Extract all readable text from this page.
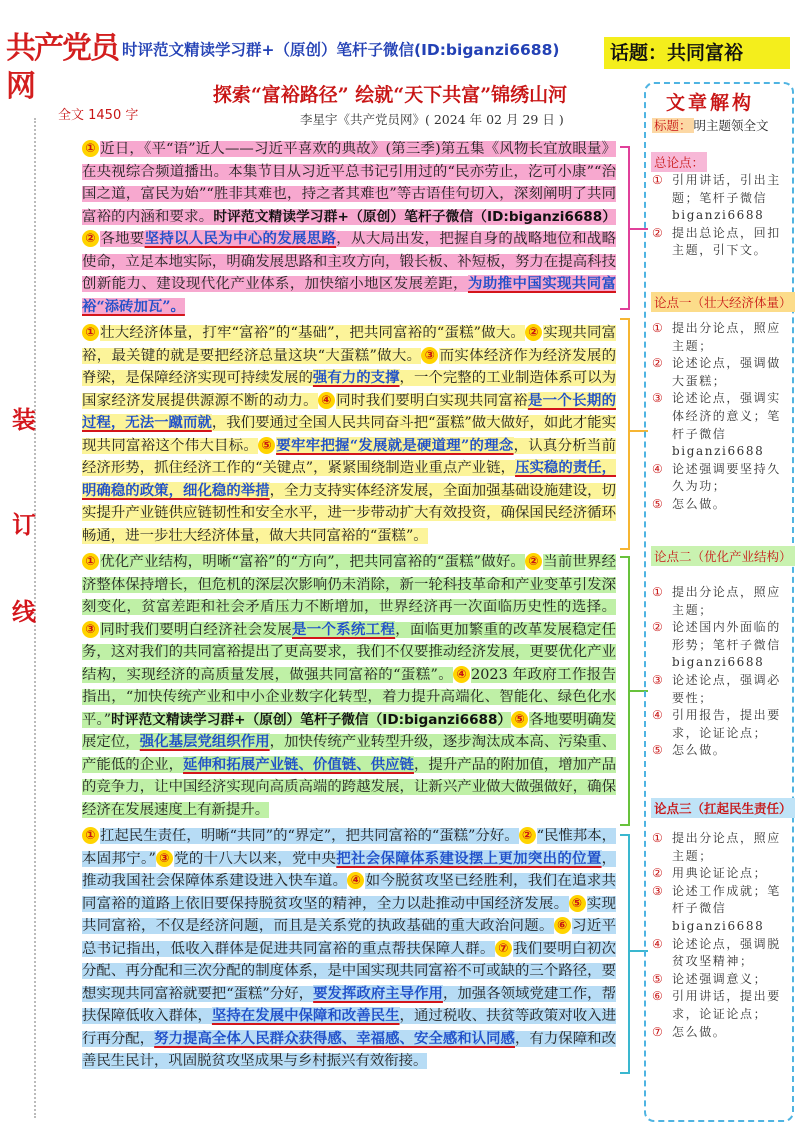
共产党员网
时评范文精读学习群+（原创）笔杆子微信(ID:biganzi6688)	话题：共同富裕
探索“富裕路径” 绘就“天下共富”锦绣山河
全文 1450 字	李星宇《共产党员网》( 2024 年 02 月 29 日 )
装
订
线
① 近日，《平“语”近人——习近平喜欢的典故》(第三季)第五集《风物长宜放眼量》在央视综合频道播出。本集节目从习近平总书记引用过的“民亦劳止，汔可小康”“治国之道，富民为始”“胜非其难也，持之者其难也”等古语佳句切入，深刻阐明了共同富裕的内涵和要求。时评范文精读学习群+（原创）笔杆子微信（ID:biganzi6688）② 各地要坚持以人民为中心的发展思路，从大局出发，把握自身的战略地位和战略使命，立足本地实际，明确发展思路和主攻方向，锻长板、补短板，努力在提高科技创新能力、建设现代化产业体系，加快缩小地区发展差距，为助推中国实现共同富裕“添砖加瓦”。
① 壮大经济体量，打牢“富裕”的“基础”，把共同富裕的“蛋糕”做大。 ② 实现共同富裕，最关键的就是要把经济总量这块“大蛋糕”做大。 ③ 而实体经济作为经济发展的脊梁，是保障经济实现可持续发展的强有力的支撑，一个完整的工业制造体系可以为国家经济发展提供源源不断的动力。 ④ 同时我们要明白实现共同富裕是一个长期的过程，无法一蹴而就，我们要通过全国人民共同奋斗把“蛋糕”做大做好，如此才能实现共同富裕这个伟大目标。 ⑤ 要牢牢把握“发展就是硬道理”的理念，认真分析当前经济形势，抓住经济工作的“关键点”，紧紧围绕制造业重点产业链，压实稳的责任，明确稳的政策，细化稳的举措，全力支持实体经济发展，全面加强基础设施建设，切实提升产业链供应链韧性和安全水平，进一步带动扩大有效投资，确保国民经济循环畅通，进一步壮大经济体量，做大共同富裕的“蛋糕”。
① 优化产业结构，明晰“富裕”的“方向”，把共同富裕的“蛋糕”做好。 ② 当前世界经济整体保持增长，但危机的深层次影响仍未消除，新一轮科技革命和产业变革引发深刻变化，贫富差距和社会矛盾压力不断增加，世界经济再一次面临历史性的选择。③ 同时我们要明白经济社会发展是一个系统工程，面临更加繁重的改革发展稳定任务，这对我们的共同富裕提出了更高要求，我们不仅要推动经济发展，更要优化产业结构，实现经济的高质量发展，做强共同富裕的“蛋糕”。 ④ 2023 年政府工作报告指出，“加快传统产业和中小企业数字化转型，着力提升高端化、智能化、绿色化水平。”时评范文精读学习群+（原创）笔杆子微信（ID:biganzi6688） ⑤ 各地要明确发展定位，强化基层党组织作用，加快传统产业转型升级，逐步淘汰成本高、污染重、产能低的企业，延伸和拓展产业链、价值链、供应链，提升产品的附加值，增加产品的竞争力，让中国经济实现向高质高端的跨越发展，让新兴产业做大做强做好，确保经济在发展速度上有新提升。
① 扛起民生责任，明晰“共同”的“界定”，把共同富裕的“蛋糕”分好。 ② “民惟邦本，本固邦宁。” ③ 党的十八大以来，党中央把社会保障体系建设摆上更加突出的位置，推动我国社会保障体系建设进入快车道。 ④ 如今脱贫攻坚已经胜利，我们在追求共同富裕的道路上依旧要保持脱贫攻坚的精神，全力以赴推动中国经济发展。 ⑤ 实现共同富裕，不仅是经济问题，而且是关系党的执政基础的重大政治问题。 ⑥ 习近平总书记指出，低收入群体是促进共同富裕的重点帮扶保障人群。 ⑦ 我们要明白初次分配、再分配和三次分配的制度体系，是中国实现共同富裕不可或缺的三个路径，要想实现共同富裕就要把“蛋糕”分好，要发挥政府主导作用，加强各领域党建工作，帮扶保障低收入群体，坚持在发展中保障和改善民生，通过税收、扶贫等政策对收入进行再分配，努力提高全体人民群众获得感、幸福感、安全感和认同感，有力保障和改善民生民计，巩固脱贫攻坚成果与乡村振兴有效衔接。
文章解构
标题： 明主题领全文
总论点：
① 引用讲话，引出主题；笔杆子微信 biganzi6688
② 提出总论点，回扣主题，引下文。
论点一（壮大经济体量）
① 提出分论点，照应主题；
② 论述论点，强调做大蛋糕；
③ 论述论点，强调实体经济的意义；笔杆子微信 biganzi6688
④ 论述强调要坚持久久为功；
⑤ 怎么做。
论点二（优化产业结构）
① 提出分论点，照应主题；
② 论述国内外面临的形势；笔杆子微信 biganzi6688
③ 论述论点，强调必要性；
④ 引用报告，提出要求，论证论点；
⑤ 怎么做。
论点三（扛起民生责任）
① 提出分论点，照应主题；
② 用典论证论点；
③ 论述工作成就；笔杆子微信 biganzi6688
④ 论述论点，强调脱贫攻坚精神；
⑤ 论述强调意义；
⑥ 引用讲话，提出要求，论证论点；
⑦ 怎么做。
